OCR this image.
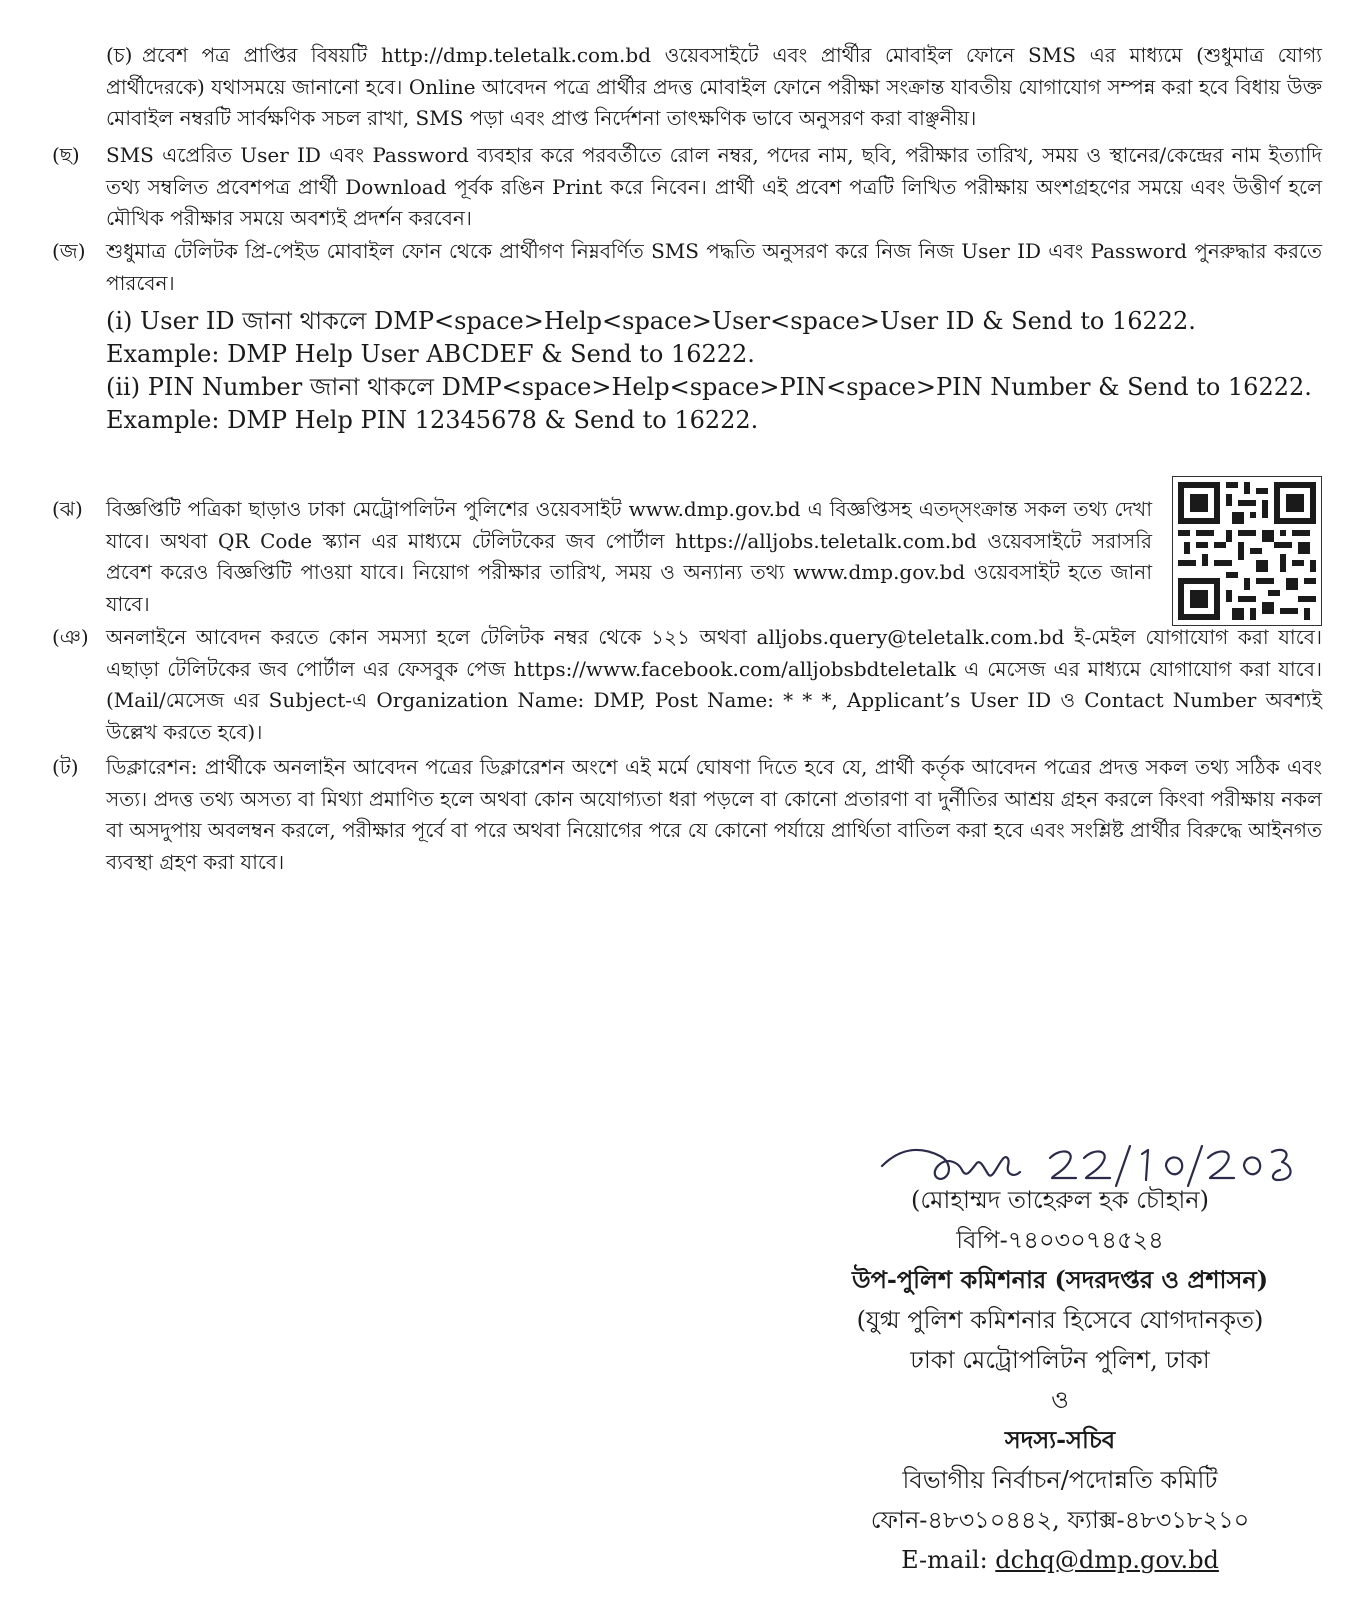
(চ) প্রবেশ পত্র প্রাপ্তির বিষয়টি http://dmp.teletalk.com.bd ওয়েবসাইটে এবং প্রার্থীর মোবাইল ফোনে SMS এর মাধ্যমে (শুধুমাত্র যোগ্য প্রার্থীদেরকে) যথাসময়ে জানানো হবে। Online আবেদন পত্রে প্রার্থীর প্রদত্ত মোবাইল ফোনে পরীক্ষা সংক্রান্ত যাবতীয় যোগাযোগ সম্পন্ন করা হবে বিধায় উক্ত মোবাইল নম্বরটি সার্বক্ষণিক সচল রাখা, SMS পড়া এবং প্রাপ্ত নির্দেশনা তাৎক্ষণিক ভাবে অনুসরণ করা বাঞ্ছনীয়।
(ছ)	SMS এপ্রেরিত User ID এবং Password ব্যবহার করে পরবর্তীতে রোল নম্বর, পদের নাম, ছবি, পরীক্ষার তারিখ, সময় ও স্থানের/কেন্দ্রের নাম ইত্যাদি তথ্য সম্বলিত প্রবেশপত্র প্রার্থী Download পূর্বক রঙিন Print করে নিবেন। প্রার্থী এই প্রবেশ পত্রটি লিখিত পরীক্ষায় অংশগ্রহণের সময়ে এবং উত্তীর্ণ হলে মৌখিক পরীক্ষার সময়ে অবশ্যই প্রদর্শন করবেন।
(জ)	শুধুমাত্র টেলিটক প্রি-পেইড মোবাইল ফোন থেকে প্রার্থীগণ নিম্নবর্ণিত SMS পদ্ধতি অনুসরণ করে নিজ নিজ User ID এবং Password পুনরুদ্ধার করতে পারবেন।
(i) User ID জানা থাকলে DMP<space>Help<space>User<space>User ID & Send to 16222.
Example: DMP Help User ABCDEF & Send to 16222.
(ii) PIN Number জানা থাকলে DMP<space>Help<space>PIN<space>PIN Number & Send to 16222.
Example: DMP Help PIN 12345678 & Send to 16222.
(ঝ)	বিজ্ঞপ্তিটি পত্রিকা ছাড়াও ঢাকা মেট্রোপলিটন পুলিশের ওয়েবসাইট www.dmp.gov.bd এ বিজ্ঞপ্তিসহ এতদ্সংক্রান্ত সকল তথ্য দেখা যাবে। অথবা QR Code স্ক্যান এর মাধ্যমে টেলিটকের জব পোর্টাল https://alljobs.teletalk.com.bd ওয়েবসাইটে সরাসরি প্রবেশ করেও বিজ্ঞপ্তিটি পাওয়া যাবে। নিয়োগ পরীক্ষার তারিখ, সময় ও অন্যান্য তথ্য www.dmp.gov.bd ওয়েবসাইট হতে জানা যাবে।
(ঞ) অনলাইনে আবেদন করতে কোন সমস্যা হলে টেলিটক নম্বর থেকে ১২১ অথবা alljobs.query@teletalk.com.bd ই-মেইল যোগাযোগ করা যাবে। এছাড়া টেলিটকের জব পোর্টাল এর ফেসবুক পেজ https://www.facebook.com/alljobsbdteletalk এ মেসেজ এর মাধ্যমে যোগাযোগ করা যাবে। (Mail/মেসেজ এর Subject-এ Organization Name: DMP, Post Name: * * *, Applicant’s User ID ও Contact Number অবশ্যই উল্লেখ করতে হবে)।
(ট)	ডিক্লারেশন: প্রার্থীকে অনলাইন আবেদন পত্রের ডিক্লারেশন অংশে এই মর্মে ঘোষণা দিতে হবে যে, প্রার্থী কর্তৃক আবেদন পত্রের প্রদত্ত সকল তথ্য সঠিক এবং সত্য। প্রদত্ত তথ্য অসত্য বা মিথ্যা প্রমাণিত হলে অথবা কোন অযোগ্যতা ধরা পড়লে বা কোনো প্রতারণা বা দুর্নীতির আশ্রয় গ্রহন করলে কিংবা পরীক্ষায় নকল বা অসদুপায় অবলম্বন করলে, পরীক্ষার পূর্বে বা পরে অথবা নিয়োগের পরে যে কোনো পর্যায়ে প্রার্থিতা বাতিল করা হবে এবং সংশ্লিষ্ট প্রার্থীর বিরুদ্ধে আইনগত ব্যবস্থা গ্রহণ করা যাবে।
(মোহাম্মদ তাহেরুল হক চৌহান)
বিপি-৭৪০৩০৭৪৫২৪
উপ-পুলিশ কমিশনার (সদরদপ্তর ও প্রশাসন)
(যুগ্ম পুলিশ কমিশনার হিসেবে যোগদানকৃত)
ঢাকা মেট্রোপলিটন পুলিশ, ঢাকা
ও
সদস্য-সচিব
বিভাগীয় নির্বাচন/পদোন্নতি কমিটি
ফোন-৪৮৩১০৪৪২, ফ্যাক্স-৪৮৩১৮২১০
E-mail: dchq@dmp.gov.bd
